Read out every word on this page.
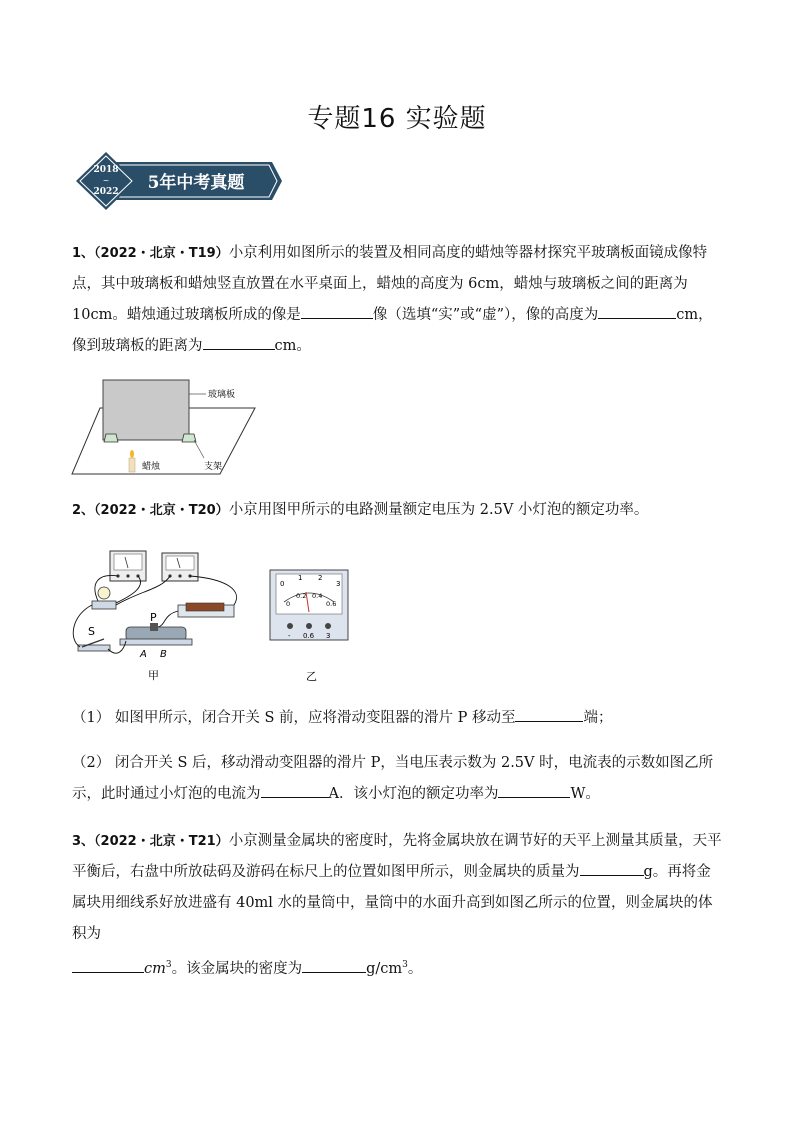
专题16 实验题
2018
~
2022 5年中考真题
1、（2022・北京・T19）小京利用如图所示的装置及相同高度的蜡烛等器材探究平玻璃板面镜成像特点，其中玻璃板和蜡烛竖直放置在水平桌面上，蜡烛的高度为 6cm，蜡烛与玻璃板之间的距离为 10cm。蜡烛通过玻璃板所成的像是	像（选填“实”或“虚”），像的高度为	cm，像到玻璃板的距离为	cm。
玻璃板
蜡烛	支架
2、（2022・北京・T20）小京用图甲所示的电路测量额定电压为 2.5V 小灯泡的额定功率。
S
P
A B
甲
0
1 2
3
0
0.2 0.4
0.6
- 0.6 3
乙
（1） 如图甲所示，闭合开关 S 前，应将滑动变阻器的滑片 P 移动至	端；
（2） 闭合开关 S 后，移动滑动变阻器的滑片 P，当电压表示数为 2.5V 时，电流表的示数如图乙所示，此时通过小灯泡的电流为	A．该小灯泡的额定功率为	W。
3、（2022・北京・T21）小京测量金属块的密度时，先将金属块放在调节好的天平上测量其质量，天平平衡后，右盘中所放砝码及游码在标尺上的位置如图甲所示，则金属块的质量为	g。再将金属块用细线系好放进盛有 40ml 水的量筒中，量筒中的水面升高到如图乙所示的位置，则金属块的体积为
$cm^3$。该金属块的密度为	$g/cm^3$。
